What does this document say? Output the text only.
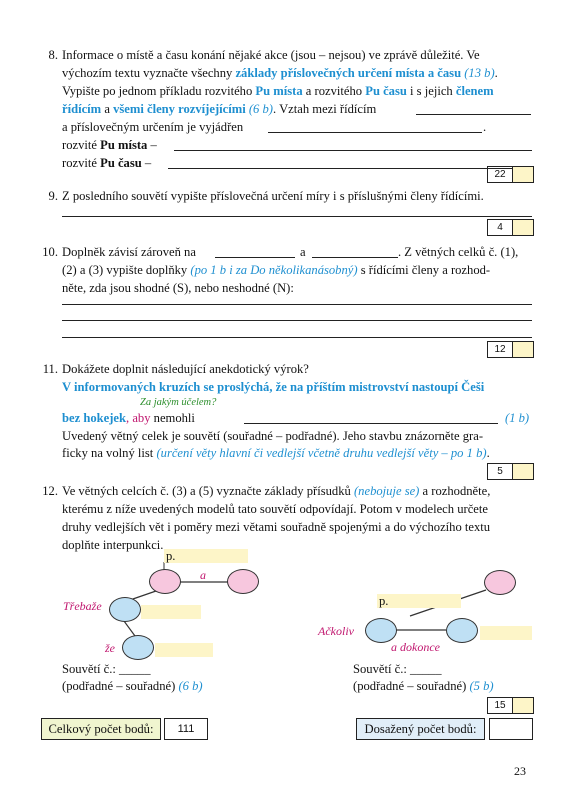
8. Informace o místě a času konání nějaké akce (jsou – nejsou) ve zprávě důležité. Ve
výchozím textu vyznačte všechny základy příslovečných určení místa a času (13 b).
Vypište po jednom příkladu rozvitého Pu místa a rozvitého Pu času i s jejich členem
řídícím a všemi členy rozvíjejícími (6 b). Vztah mezi řídícím
a příslovečným určením je vyjádřen	.
rozvité Pu místa –
rozvité Pu času –
22
9. Z posledního souvětí vypište příslovečná určení míry i s příslušnými členy řídícími.
4
10. Doplněk závisí zároveň na	a	. Z větných celků č. (1),
(2) a (3) vypište doplňky (po 1 b i za Do několikanásobný) s řídícími členy a rozhod-
něte, zda jsou shodné (S), nebo neshodné (N):
12
11. Dokážete doplnit následující anekdotický výrok?
V informovaných kruzích se proslýchá, že na příštím mistrovství nastoupí Češi
Za jakým účelem?
bez hokejek, aby nemohli	(1 b)
Uvedený větný celek je souvětí (souřadné – podřadné). Jeho stavbu znázorněte gra-
ficky na volný list (určení věty hlavní či vedlejší včetně druhu vedlejší věty – po 1 b).
5
12. Ve větných celcích č. (3) a (5) vyznačte základy přísudků (nebojuje se) a rozhodněte,
kterému z níže uvedených modelů tato souvětí odpovídají. Potom v modelech určete
druhy vedlejších vět i poměry mezi větami souřadně spojenými a do výchozího textu
doplňte interpunkci.
p.
a
Třebaže
že
Souvětí č.: _____
(podřadné – souřadné) (6 b)
p.
Ačkoliv
a dokonce
Souvětí č.: _____
(podřadné – souřadné) (5 b)
15
Celkový počet bodů:	111	Dosažený počet bodů:
23
